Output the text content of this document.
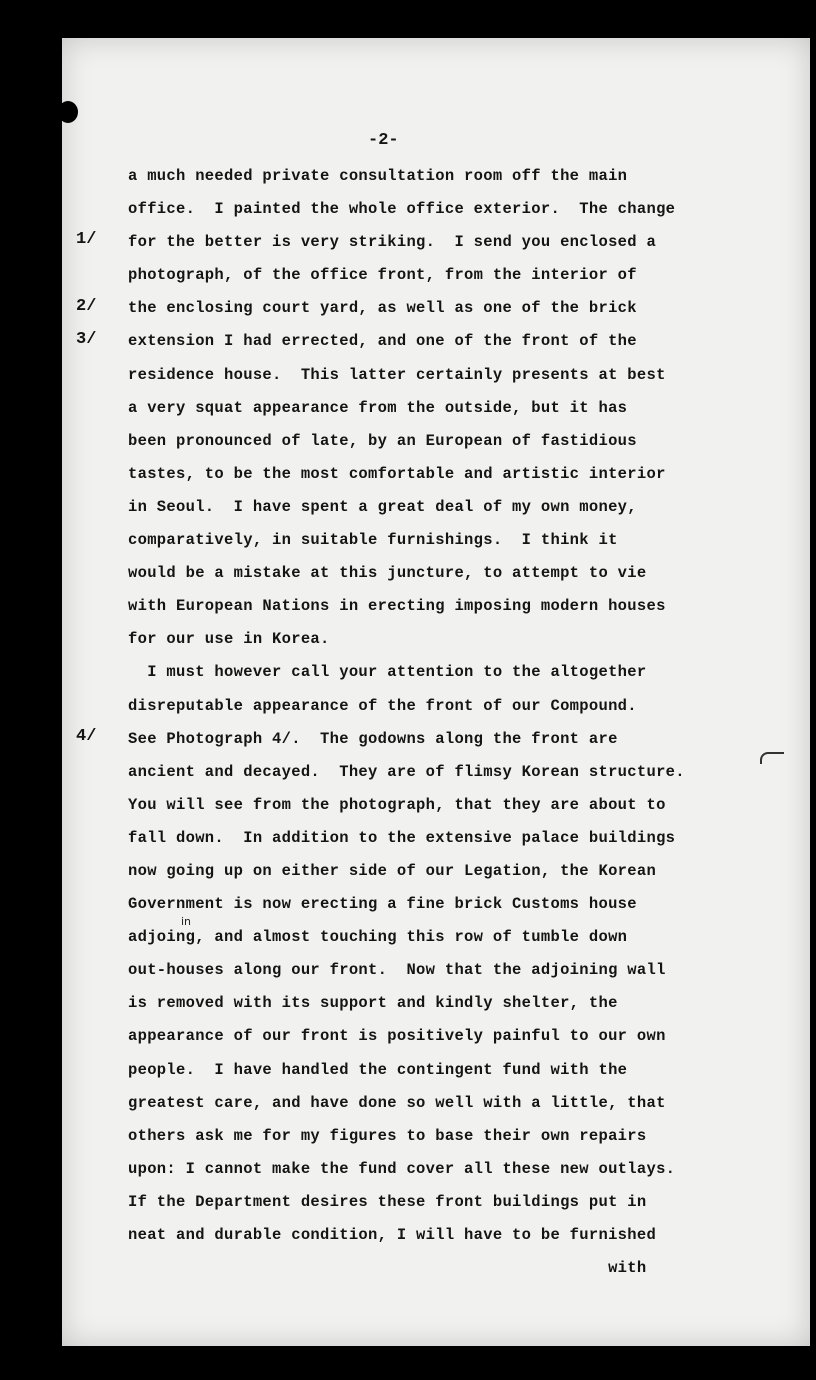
-2-
1/
2/
3/
4/
in
a much needed private consultation room off the main
office.  I painted the whole office exterior.  The change
for the better is very striking.  I send you enclosed a
photograph, of the office front, from the interior of
the enclosing court yard, as well as one of the brick
extension I had errected, and one of the front of the
residence house.  This latter certainly presents at best
a very squat appearance from the outside, but it has
been pronounced of late, by an European of fastidious
tastes, to be the most comfortable and artistic interior
in Seoul.  I have spent a great deal of my own money,
comparatively, in suitable furnishings.  I think it
would be a mistake at this juncture, to attempt to vie
with European Nations in erecting imposing modern houses
for our use in Korea.
I must however call your attention to the altogether
disreputable appearance of the front of our Compound.
See Photograph 4/.  The godowns along the front are
ancient and decayed.  They are of flimsy Korean structure.
You will see from the photograph, that they are about to
fall down.  In addition to the extensive palace buildings
now going up on either side of our Legation, the Korean
Government is now erecting a fine brick Customs house
adjoing, and almost touching this row of tumble down
out-houses along our front.  Now that the adjoining wall
is removed with its support and kindly shelter, the
appearance of our front is positively painful to our own
people.  I have handled the contingent fund with the
greatest care, and have done so well with a little, that
others ask me for my figures to base their own repairs
upon: I cannot make the fund cover all these new outlays.
If the Department desires these front buildings put in
neat and durable condition, I will have to be furnished
with
